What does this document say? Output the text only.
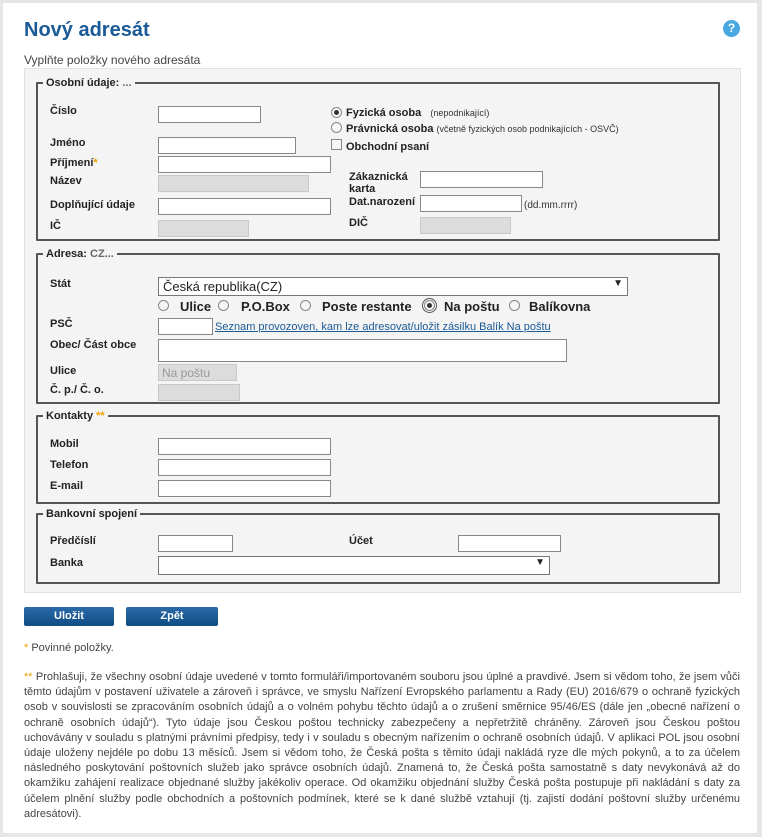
Nový adresát	?
Vyplňte položky nového adresáta
Osobní údaje: ...
Číslo
Jméno
Příjmení*
Název
Doplňující údaje
IČ
Fyzická osoba (nepodnikající)
Právnická osoba (včetně fyzických osob podnikajících - OSVČ)
Obchodní psaní
Zákaznická
karta
Dat.narození	(dd.mm.rrrr)
DIČ
Adresa: CZ...
Stát	Česká republika(CZ)	▼
Ulice P.O.Box Poste restante Na poštu Balíkovna
PSČ	Seznam provozoven, kam lze adresovat/uložit zásilku Balík Na poštu
Obec/ Část obce
Ulice
Na poštu
Č. p./ Č. o.
Kontakty **
Mobil
Telefon
E-mail
Bankovní spojení
Předčíslí	Účet
Banka	▼
Uložit	Zpět
* Povinné položky.

** Prohlašuji, že všechny osobní údaje uvedené v tomto formuláři/importovaném souboru jsou úplné a pravdivé. Jsem si vědom toho, že jsem vůči těmto údajům v postavení uživatele a zároveň i správce, ve smyslu Nařízení Evropského parlamentu a Rady (EU) 2016/679 o ochraně fyzických osob v souvislosti se zpracováním osobních údajů a o volném pohybu těchto údajů a o zrušení směrnice 95/46/ES (dále jen „obecné nařízení o ochraně osobních údajů“). Tyto údaje jsou Českou poštou technicky zabezpečeny a nepřetržitě chráněny. Zároveň jsou Českou poštou uchovávány v souladu s platnými právními předpisy, tedy i v souladu s obecným nařízením o ochraně osobních údajů. V aplikaci POL jsou osobní údaje uloženy nejdéle po dobu 13 měsíců. Jsem si vědom toho, že Česká pošta s těmito údaji nakládá ryze dle mých pokynů, a to za účelem následného poskytování poštovních služeb jako správce osobních údajů. Znamená to, že Česká pošta samostatně s daty nevykonává až do okamžiku zahájení realizace objednané služby jakékoliv operace. Od okamžiku objednání služby Česká pošta postupuje při nakládání s daty za účelem plnění služby podle obchodních a poštovních podmínek, které se k dané službě vztahují (tj. zajistí dodání poštovní služby určenému adresátovi).
